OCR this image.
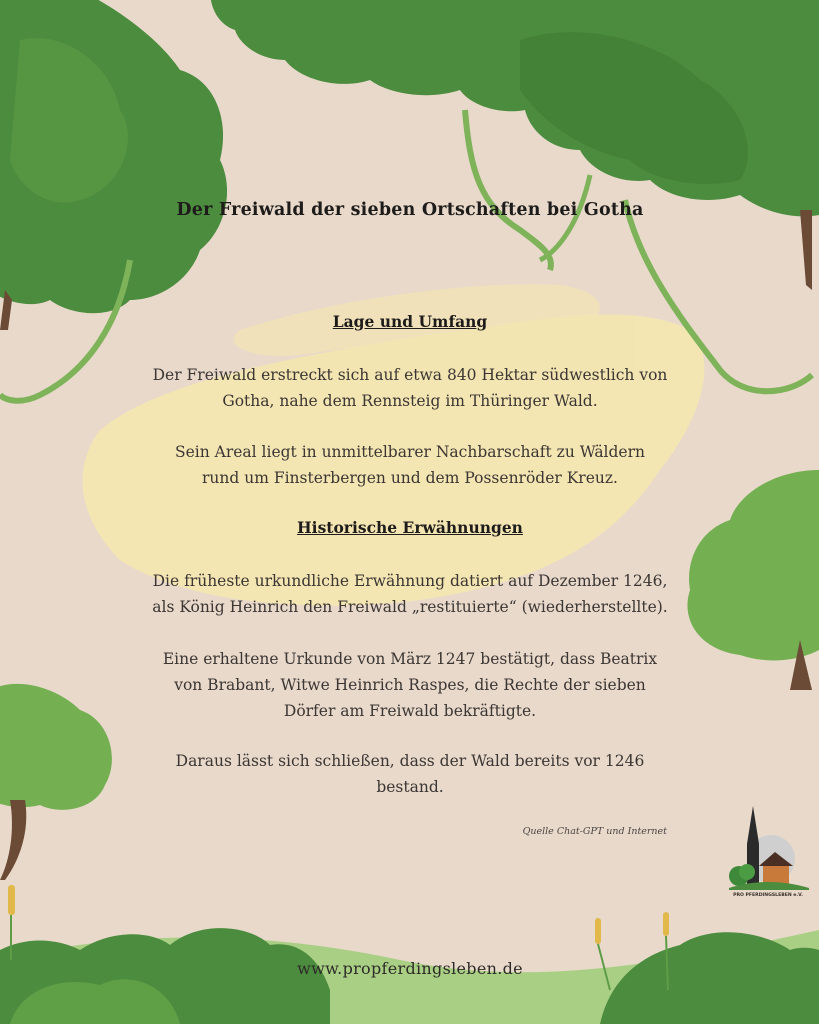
Der Freiwald der sieben Ortschaften bei Gotha
Lage und Umfang
Der Freiwald erstreckt sich auf etwa 840 Hektar südwestlich von
Gotha, nahe dem Rennsteig im Thüringer Wald.
Sein Areal liegt in unmittelbarer Nachbarschaft zu Wäldern
rund um Finsterbergen und dem Possenröder Kreuz.
Historische Erwähnungen
Die früheste urkundliche Erwähnung datiert auf Dezember 1246,
als König Heinrich den Freiwald „restituierte“ (wiederherstellte).
Eine erhaltene Urkunde von März 1247 bestätigt, dass Beatrix
von Brabant, Witwe Heinrich Raspes, die Rechte der sieben
Dörfer am Freiwald bekräftigte.
Daraus lässt sich schließen, dass der Wald bereits vor 1246
bestand.
Quelle Chat-GPT und Internet
PRO PFERDINGSLEBEN e.V.
www.propferdingsleben.de
